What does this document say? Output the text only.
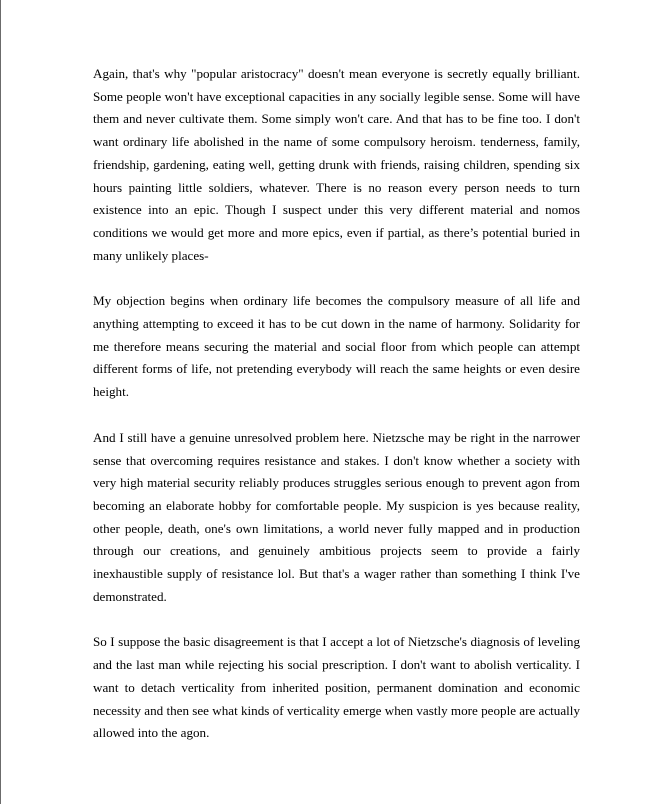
Again, that's why "popular aristocracy" doesn't mean everyone is secretly equally brilliant. Some people won't have exceptional capacities in any socially legible sense. Some will have them and never cultivate them. Some simply won't care. And that has to be fine too. I don't want ordinary life abolished in the name of some compulsory heroism. tenderness, family, friendship, gardening, eating well, getting drunk with friends, raising children, spending six hours painting little soldiers, whatever. There is no reason every person needs to turn existence into an epic. Though I suspect under this very different material and nomos conditions we would get more and more epics, even if partial, as there’s potential buried in many unlikely places-

My objection begins when ordinary life becomes the compulsory measure of all life and anything attempting to exceed it has to be cut down in the name of harmony. Solidarity for me therefore means securing the material and social floor from which people can attempt different forms of life, not pretending everybody will reach the same heights or even desire height.

And I still have a genuine unresolved problem here. Nietzsche may be right in the narrower sense that overcoming requires resistance and stakes. I don't know whether a society with very high material security reliably produces struggles serious enough to prevent agon from becoming an elaborate hobby for comfortable people. My suspicion is yes because reality, other people, death, one's own limitations, a world never fully mapped and in production through our creations, and genuinely ambitious projects seem to provide a fairly inexhaustible supply of resistance lol. But that's a wager rather than something I think I've demonstrated.

So I suppose the basic disagreement is that I accept a lot of Nietzsche's diagnosis of leveling and the last man while rejecting his social prescription. I don't want to abolish verticality. I want to detach verticality from inherited position, permanent domination and economic necessity and then see what kinds of verticality emerge when vastly more people are actually allowed into the agon.
